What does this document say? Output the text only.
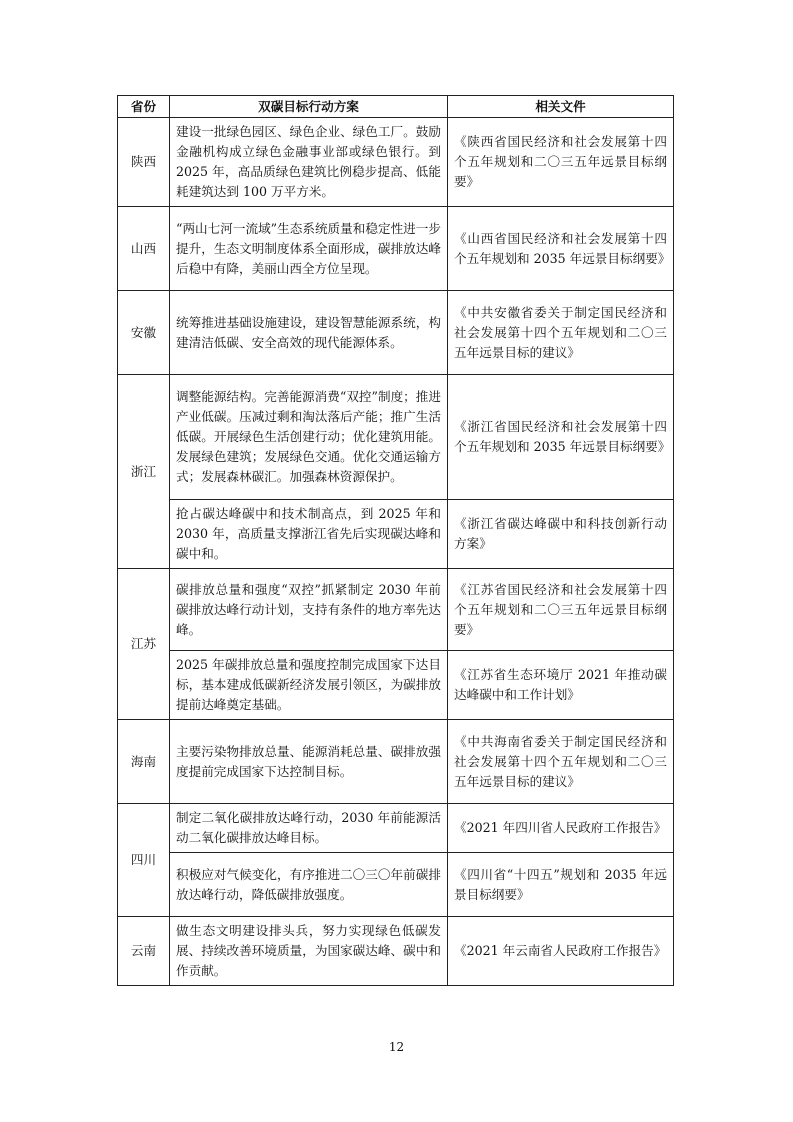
省份	双碳目标行动方案	相关文件
陕西	建设一批绿色园区、绿色企业、绿色工厂。鼓励金融机构成立绿色金融事业部或绿色银行。到 2025 年，高品质绿色建筑比例稳步提高、低能耗建筑达到 100 万平方米。	《陕西省国民经济和社会发展第十四个五年规划和二〇三五年远景目标纲要》
山西	“两山七河一流域”生态系统质量和稳定性进一步提升，生态文明制度体系全面形成，碳排放达峰后稳中有降，美丽山西全方位呈现。	《山西省国民经济和社会发展第十四个五年规划和 2035 年远景目标纲要》
安徽	统筹推进基础设施建设，建设智慧能源系统，构建清洁低碳、安全高效的现代能源体系。	《中共安徽省委关于制定国民经济和社会发展第十四个五年规划和二〇三五年远景目标的建议》
浙江	调整能源结构。完善能源消费“双控”制度；推进产业低碳。压减过剩和淘汰落后产能；推广生活低碳。开展绿色生活创建行动；优化建筑用能。发展绿色建筑；发展绿色交通。优化交通运输方式；发展森林碳汇。加强森林资源保护。	《浙江省国民经济和社会发展第十四个五年规划和 2035 年远景目标纲要》
	抢占碳达峰碳中和技术制高点，到 2025 年和 2030 年，高质量支撑浙江省先后实现碳达峰和碳中和。	《浙江省碳达峰碳中和科技创新行动方案》
江苏	碳排放总量和强度“双控”抓紧制定 2030 年前碳排放达峰行动计划，支持有条件的地方率先达峰。	《江苏省国民经济和社会发展第十四个五年规划和二〇三五年远景目标纲要》
	2025 年碳排放总量和强度控制完成国家下达目标，基本建成低碳新经济发展引领区，为碳排放提前达峰奠定基础。	《江苏省生态环境厅 2021 年推动碳达峰碳中和工作计划》
海南	主要污染物排放总量、能源消耗总量、碳排放强度提前完成国家下达控制目标。	《中共海南省委关于制定国民经济和社会发展第十四个五年规划和二〇三五年远景目标的建议》
四川	制定二氧化碳排放达峰行动，2030 年前能源活动二氧化碳排放达峰目标。	《2021 年四川省人民政府工作报告》
	积极应对气候变化，有序推进二〇三〇年前碳排放达峰行动，降低碳排放强度。	《四川省“十四五”规划和 2035 年远景目标纲要》
云南	做生态文明建设排头兵，努力实现绿色低碳发展、持续改善环境质量，为国家碳达峰、碳中和作贡献。	《2021 年云南省人民政府工作报告》
12
